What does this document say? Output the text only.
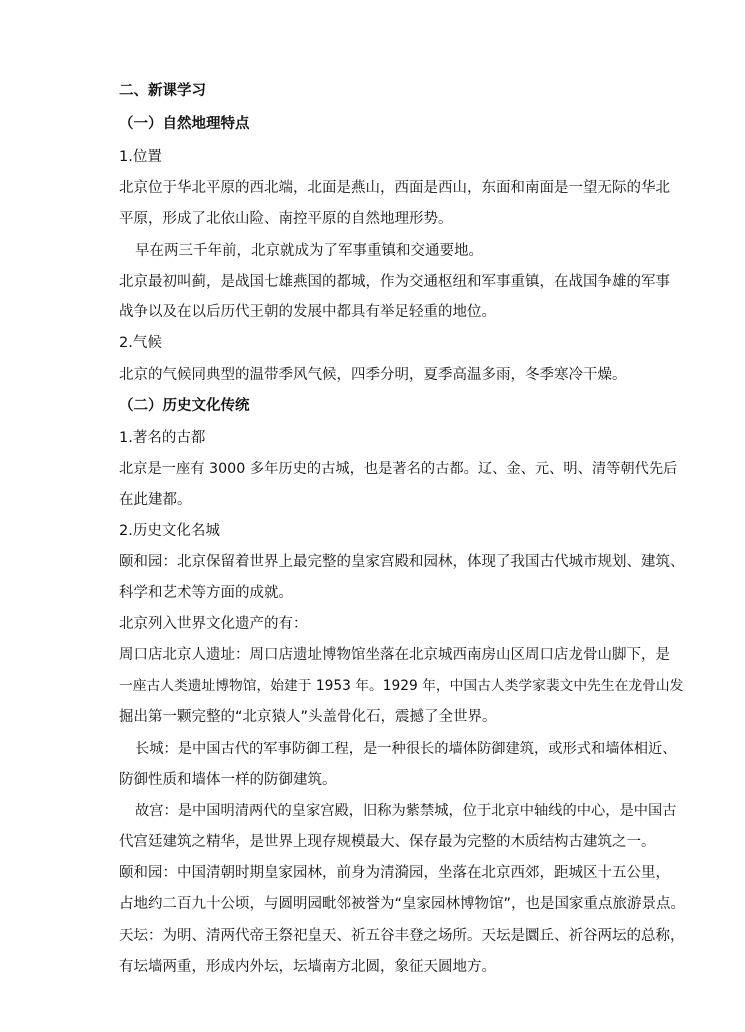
二、新课学习
（一）自然地理特点
1.位置
北京位于华北平原的西北端，北面是燕山，西面是西山，东面和南面是一望无际的华北
平原，形成了北依山险、南控平原的自然地理形势。
早在两三千年前，北京就成为了军事重镇和交通要地。
北京最初叫蓟，是战国七雄燕国的都城，作为交通枢纽和军事重镇，在战国争雄的军事
战争以及在以后历代王朝的发展中都具有举足轻重的地位。
2.气候
北京的气候同典型的温带季风气候，四季分明，夏季高温多雨，冬季寒冷干燥。
（二）历史文化传统
1.著名的古都
北京是一座有 3000 多年历史的古城，也是著名的古都。辽、金、元、明、清等朝代先后
在此建都。
2.历史文化名城
颐和园：北京保留着世界上最完整的皇家宫殿和园林，体现了我国古代城市规划、建筑、
科学和艺术等方面的成就。
北京列入世界文化遗产的有：
周口店北京人遗址：周口店遗址博物馆坐落在北京城西南房山区周口店龙骨山脚下，是
一座古人类遗址博物馆，始建于 1953 年。1929 年，中国古人类学家裴文中先生在龙骨山发
掘出第一颗完整的“北京猿人”头盖骨化石，震撼了全世界。
长城：是中国古代的军事防御工程，是一种很长的墙体防御建筑，或形式和墙体相近、
防御性质和墙体一样的防御建筑。
故宫：是中国明清两代的皇家宫殿，旧称为紫禁城，位于北京中轴线的中心，是中国古
代宫廷建筑之精华，是世界上现存规模最大、保存最为完整的木质结构古建筑之一。
颐和园：中国清朝时期皇家园林，前身为清漪园，坐落在北京西郊，距城区十五公里，
占地约二百九十公顷，与圆明园毗邻被誉为“皇家园林博物馆”，也是国家重点旅游景点。
天坛：为明、清两代帝王祭祀皇天、祈五谷丰登之场所。天坛是圜丘、祈谷两坛的总称，
有坛墙两重，形成内外坛，坛墙南方北圆，象征天圆地方。
